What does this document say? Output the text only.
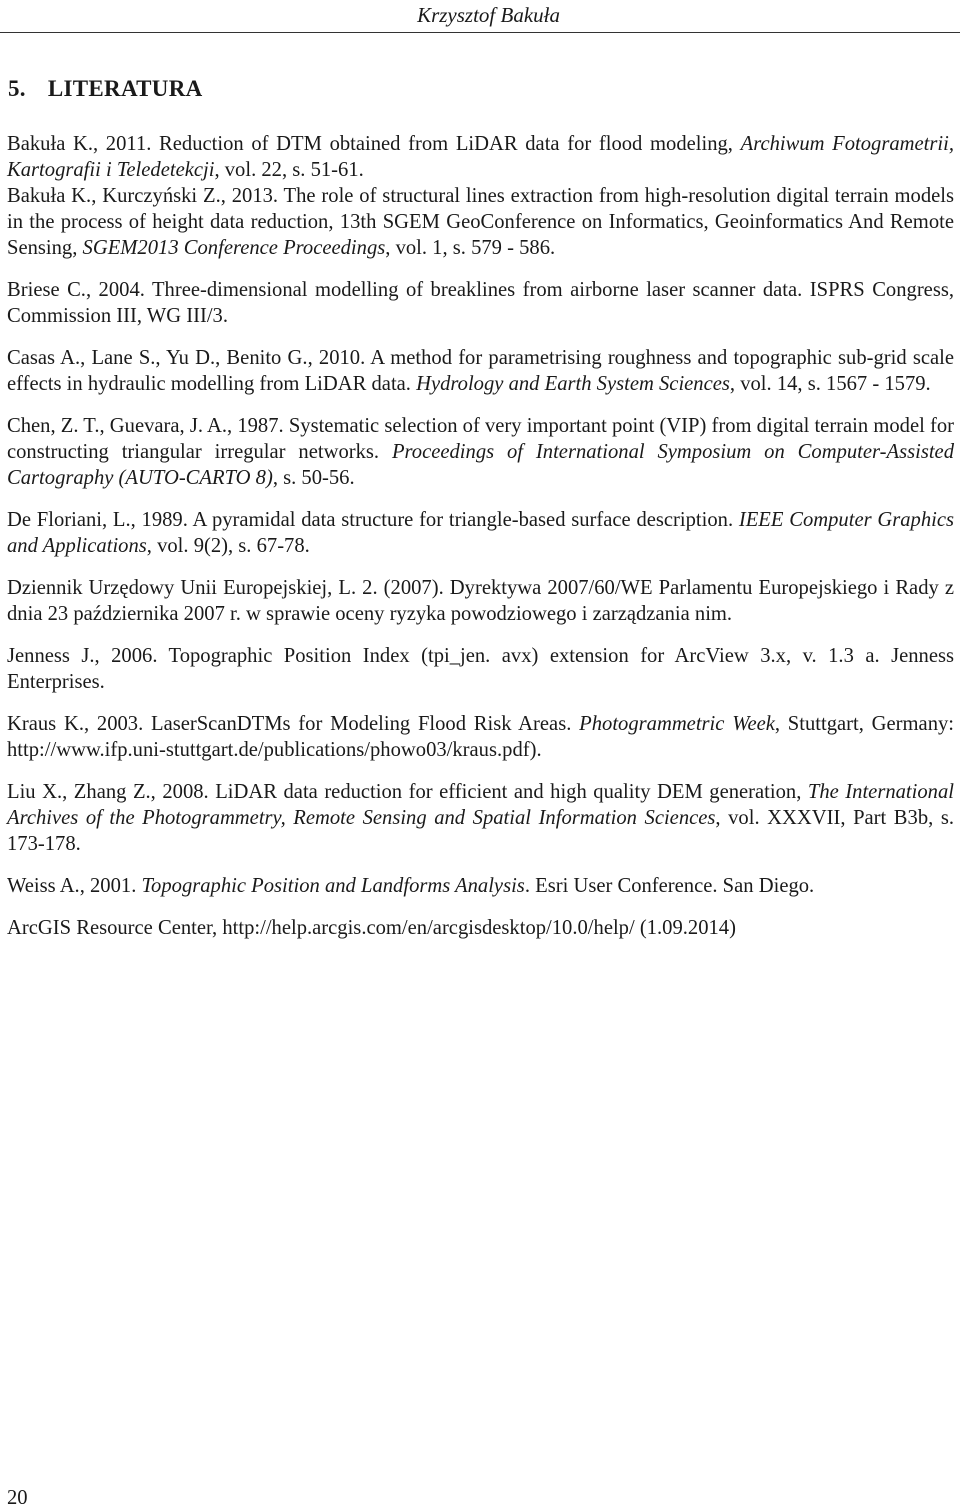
Krzysztof Bakuła
5. LITERATURA

Bakuła K., 2011. Reduction of DTM obtained from LiDAR data for flood modeling, Archiwum Fotogrametrii, Kartografii i Teledetekcji, vol. 22, s. 51-61.

Bakuła K., Kurczyński Z., 2013. The role of structural lines extraction from high-resolution digital terrain models in the process of height data reduction, 13th SGEM GeoConference on Informatics, Geoinformatics And Remote Sensing, SGEM2013 Conference Proceedings, vol. 1, s. 579 - 586.

Briese C., 2004. Three-dimensional modelling of breaklines from airborne laser scanner data. ISPRS Congress, Commission III, WG III/3.

Casas A., Lane S., Yu D., Benito G., 2010. A method for parametrising roughness and topographic sub-grid scale effects in hydraulic modelling from LiDAR data. Hydrology and Earth System Sciences, vol. 14, s. 1567 - 1579.

Chen, Z. T., Guevara, J. A., 1987. Systematic selection of very important point (VIP) from digital terrain model for constructing triangular irregular networks. Proceedings of International Symposium on Computer-Assisted Cartography (AUTO-CARTO 8), s. 50-56.

De Floriani, L., 1989. A pyramidal data structure for triangle-based surface description. IEEE Computer Graphics and Applications, vol. 9(2), s. 67-78.

Dziennik Urzędowy Unii Europejskiej, L. 2. (2007). Dyrektywa 2007/60/WE Parlamentu Europejskiego i Rady z dnia 23 października 2007 r. w sprawie oceny ryzyka powodziowego i zarządzania nim.

Jenness J., 2006. Topographic Position Index (tpi_jen. avx) extension for ArcView 3.x, v. 1.3 a. Jenness Enterprises.

Kraus K., 2003. LaserScanDTMs for Modeling Flood Risk Areas. Photogrammetric Week, Stuttgart, Germany: http://www.ifp.uni-stuttgart.de/publications/phowo03/kraus.pdf).

Liu X., Zhang Z., 2008. LiDAR data reduction for efficient and high quality DEM generation, The International Archives of the Photogrammetry, Remote Sensing and Spatial Information Sciences, vol. XXXVII, Part B3b, s. 173-178.

Weiss A., 2001. Topographic Position and Landforms Analysis. Esri User Conference. San Diego.

ArcGIS Resource Center, http://help.arcgis.com/en/arcgisdesktop/10.0/help/ (1.09.2014)

20
